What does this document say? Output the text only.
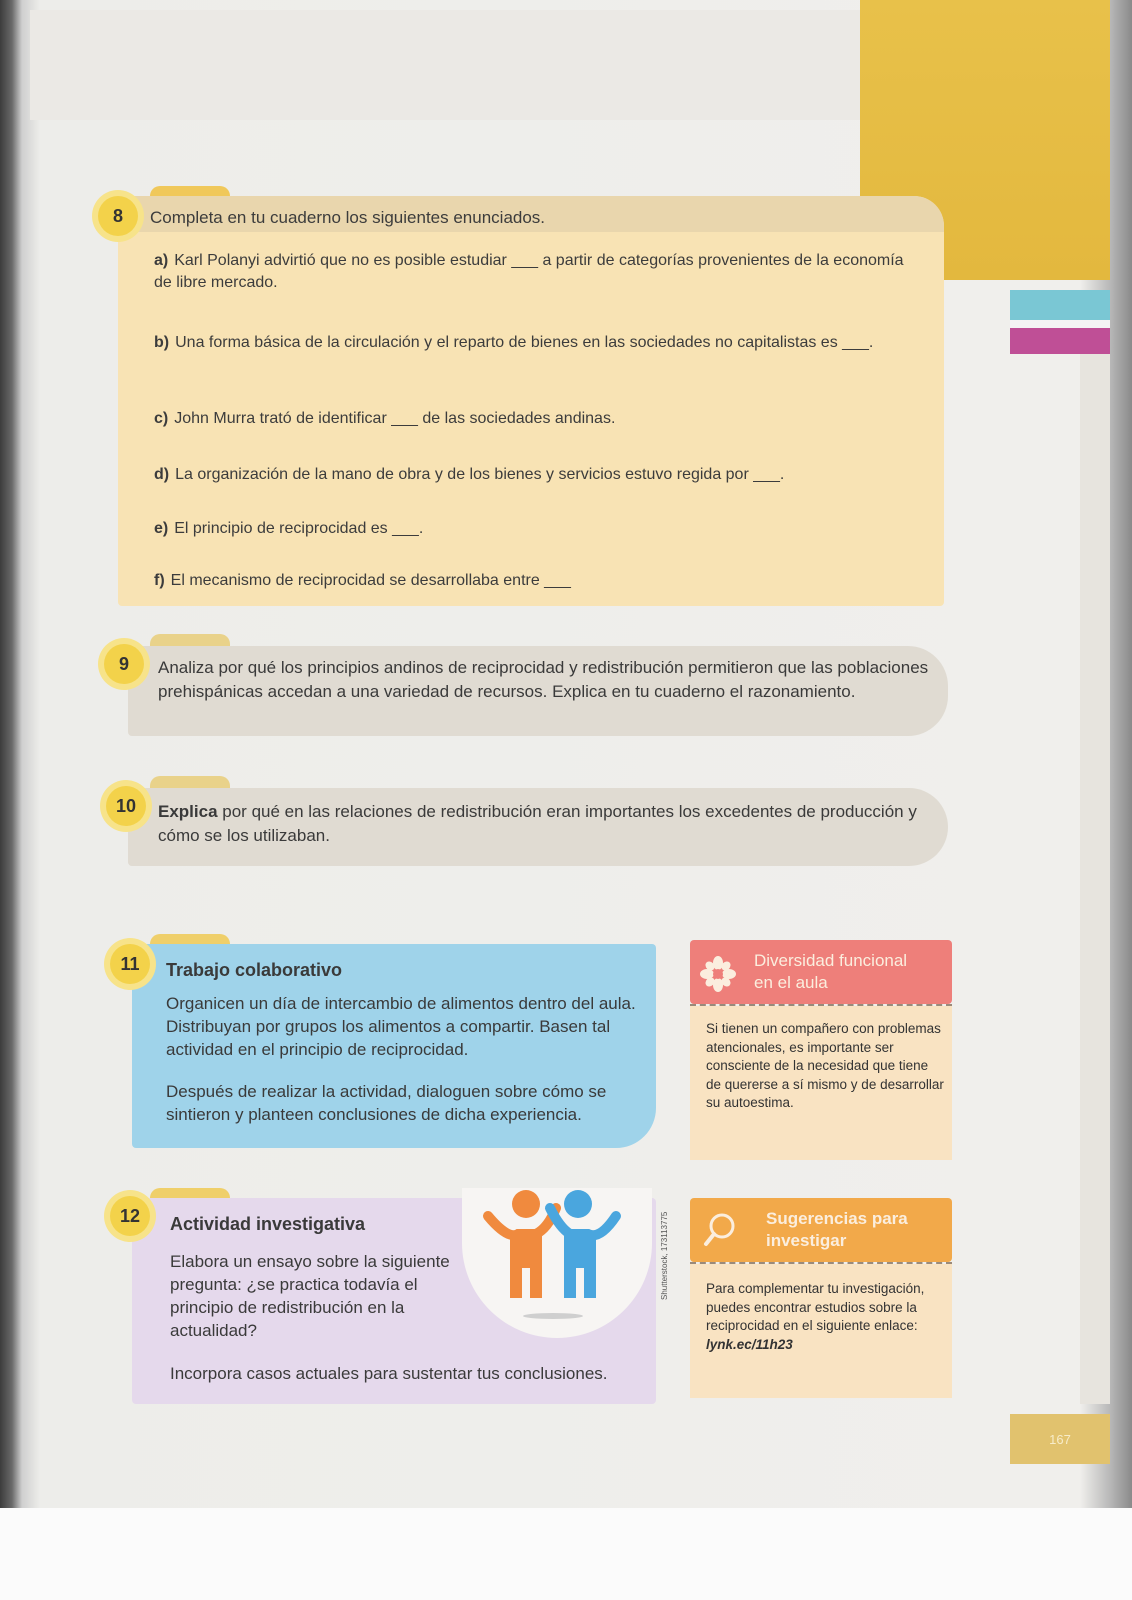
167
8	Completa en tu cuaderno los siguientes enunciados.
a) Karl Polanyi advirtió que no es posible estudiar ___ a partir de categorías provenientes de la economía de libre mercado.
b) Una forma básica de la circulación y el reparto de bienes en las sociedades no capitalistas es ___.
c) John Murra trató de identificar ___ de las sociedades andinas.
d) La organización de la mano de obra y de los bienes y servicios estuvo regida por ___.
e) El principio de reciprocidad es ___.
f) El mecanismo de reciprocidad se desarrollaba entre ___
9	Analiza por qué los principios andinos de reciprocidad y redistribución permitieron que las poblaciones prehispánicas accedan a una variedad de recursos. Explica en tu cuaderno el razonamiento.
10	Explica por qué en las relaciones de redistribución eran importantes los excedentes de producción y cómo se los utilizaban.
11	Trabajo colaborativo
Organicen un día de intercambio de alimentos dentro del aula. Distribuyan por grupos los alimentos a compartir. Basen tal actividad en el principio de reciprocidad.
Después de realizar la actividad, dialoguen sobre cómo se sintieron y planteen conclusiones de dicha experiencia.
Shutterstock, 173113775
12	Actividad investigativa
Elabora un ensayo sobre la siguiente pregunta: ¿se practica todavía el principio de redistribución en la actualidad?
Incorpora casos actuales para sustentar tus conclusiones.
Diversidad funcional
en el aula
Si tienen un compañero con problemas atencionales, es importante ser consciente de la necesidad que tiene de quererse a sí mismo y de desarrollar su autoestima.
Sugerencias para
investigar
Para complementar tu investigación, puedes encontrar estudios sobre la reciprocidad en el siguiente enlace:
lynk.ec/11h23
